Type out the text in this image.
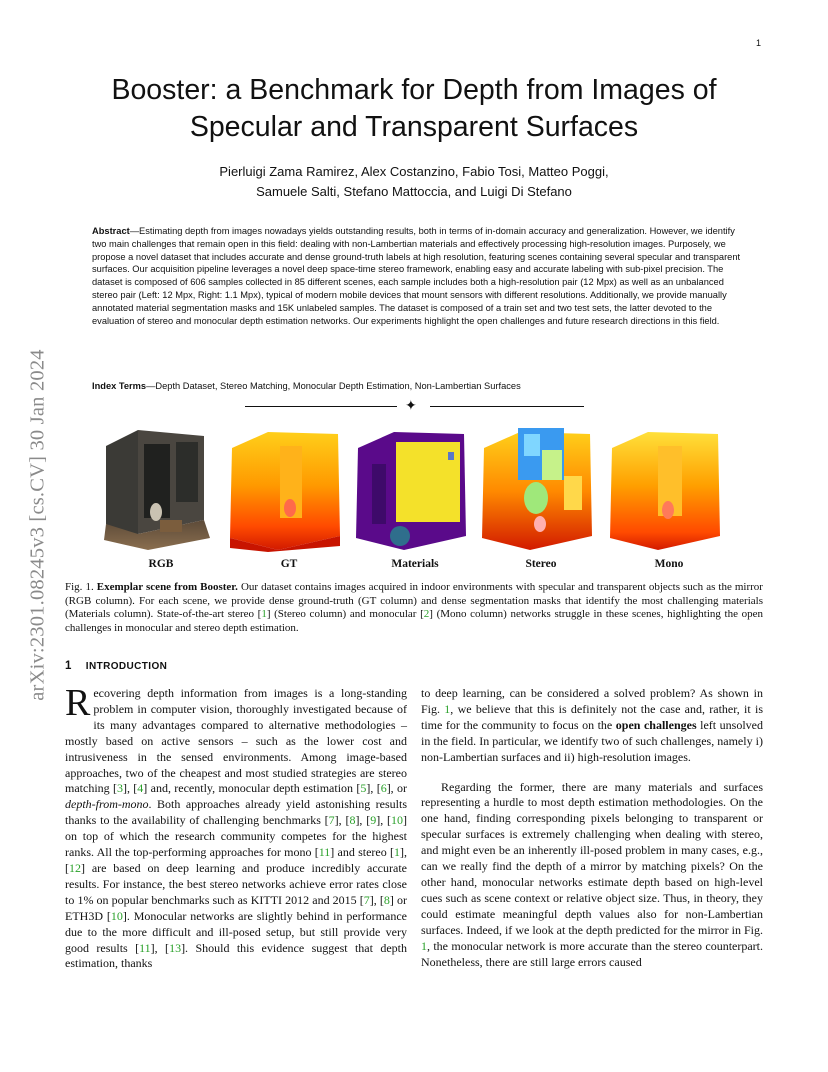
1
arXiv:2301.08245v3 [cs.CV] 30 Jan 2024
Booster: a Benchmark for Depth from Images of
Specular and Transparent Surfaces
Pierluigi Zama Ramirez, Alex Costanzino, Fabio Tosi, Matteo Poggi,
Samuele Salti, Stefano Mattoccia, and Luigi Di Stefano
Abstract—Estimating depth from images nowadays yields outstanding results, both in terms of in-domain accuracy and generalization. However, we identify two main challenges that remain open in this field: dealing with non-Lambertian materials and effectively processing high-resolution images. Purposely, we propose a novel dataset that includes accurate and dense ground-truth labels at high resolution, featuring scenes containing several specular and transparent surfaces. Our acquisition pipeline leverages a novel deep space-time stereo framework, enabling easy and accurate labeling with sub-pixel precision. The dataset is composed of 606 samples collected in 85 different scenes, each sample includes both a high-resolution pair (12 Mpx) as well as an unbalanced stereo pair (Left: 12 Mpx, Right: 1.1 Mpx), typical of modern mobile devices that mount sensors with different resolutions. Additionally, we provide manually annotated material segmentation masks and 15K unlabeled samples. The dataset is composed of a train set and two test sets, the latter devoted to the evaluation of stereo and monocular depth estimation networks. Our experiments highlight the open challenges and future research directions in this field.
Index Terms—Depth Dataset, Stereo Matching, Monocular Depth Estimation, Non-Lambertian Surfaces
✦
RGB	GT	Materials	Stereo	Mono
Fig. 1. Exemplar scene from Booster. Our dataset contains images acquired in indoor environments with specular and transparent objects such as the mirror (RGB column). For each scene, we provide dense ground-truth (GT column) and dense segmentation masks that identify the most challenging materials (Materials column). State-of-the-art stereo [1] (Stereo column) and monocular [2] (Mono column) networks struggle in these scenes, highlighting the open challenges in monocular and stereo depth estimation.
1 INTRODUCTION

Recovering depth information from images is a long-standing problem in computer vision, thoroughly investigated because of its many advantages compared to alternative methodologies – mostly based on active sensors – such as the lower cost and intrusiveness in the sensed environments. Among image-based approaches, two of the cheapest and most studied strategies are stereo matching [3], [4] and, recently, monocular depth estimation [5], [6], or depth-from-mono. Both approaches already yield astonishing results thanks to the availability of challenging benchmarks [7], [8], [9], [10] on top of which the research community competes for the highest ranks. All the top-performing approaches for mono [11] and stereo [1], [12] are based on deep learning and produce incredibly accurate results. For instance, the best stereo networks achieve error rates close to 1% on popular benchmarks such as KITTI 2012 and 2015 [7], [8] or ETH3D [10]. Monocular networks are slightly behind in performance due to the more difficult and ill-posed setup, but still provide very good results [11], [13]. Should this evidence suggest that depth estimation, thanks

to deep learning, can be considered a solved problem? As shown in Fig. 1, we believe that this is definitely not the case and, rather, it is time for the community to focus on the open challenges left unsolved in the field. In particular, we identify two of such challenges, namely i) non-Lambertian surfaces and ii) high-resolution images.

Regarding the former, there are many materials and surfaces representing a hurdle to most depth estimation methodologies. On the one hand, finding corresponding pixels belonging to transparent or specular surfaces is extremely challenging when dealing with stereo, and might even be an inherently ill-posed problem in many cases, e.g., can we really find the depth of a mirror by matching pixels? On the other hand, monocular networks estimate depth based on high-level cues such as scene context or relative object size. Thus, in theory, they could estimate meaningful depth values also for non-Lambertian surfaces. Indeed, if we look at the depth predicted for the mirror in Fig. 1, the monocular network is more accurate than the stereo counterpart. Nonetheless, there are still large errors caused
